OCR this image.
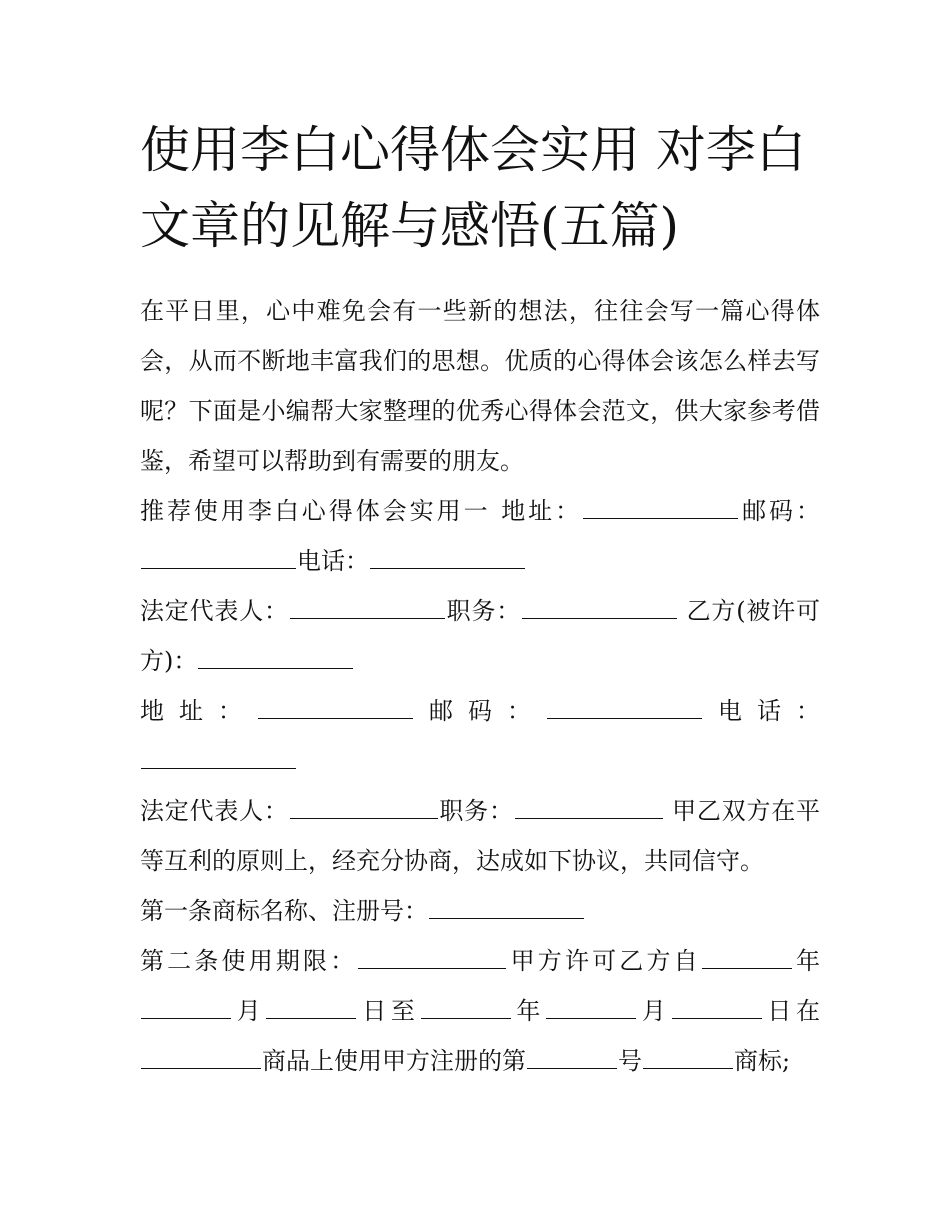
使用李白心得体会实用 对李白文章的见解与感悟(五篇)

在平日里，心中难免会有一些新的想法，往往会写一篇心得体会，从而不断地丰富我们的思想。优质的心得体会该怎么样去写呢？下面是小编帮大家整理的优秀心得体会范文，供大家参考借鉴，希望可以帮助到有需要的朋友。

推荐使用李白心得体会实用一 地址：	邮码：电话：

法定代表人：	职务：	乙方(被许可方)：

地址：	邮码：	电话：

法定代表人：	职务：	甲乙双方在平等互利的原则上，经充分协商，达成如下协议，共同信守。

第一条商标名称、注册号：

第二条使用期限：	甲方许可乙方自	年月	日至	年	月	日在商品上使用甲方注册的第	号	商标;
